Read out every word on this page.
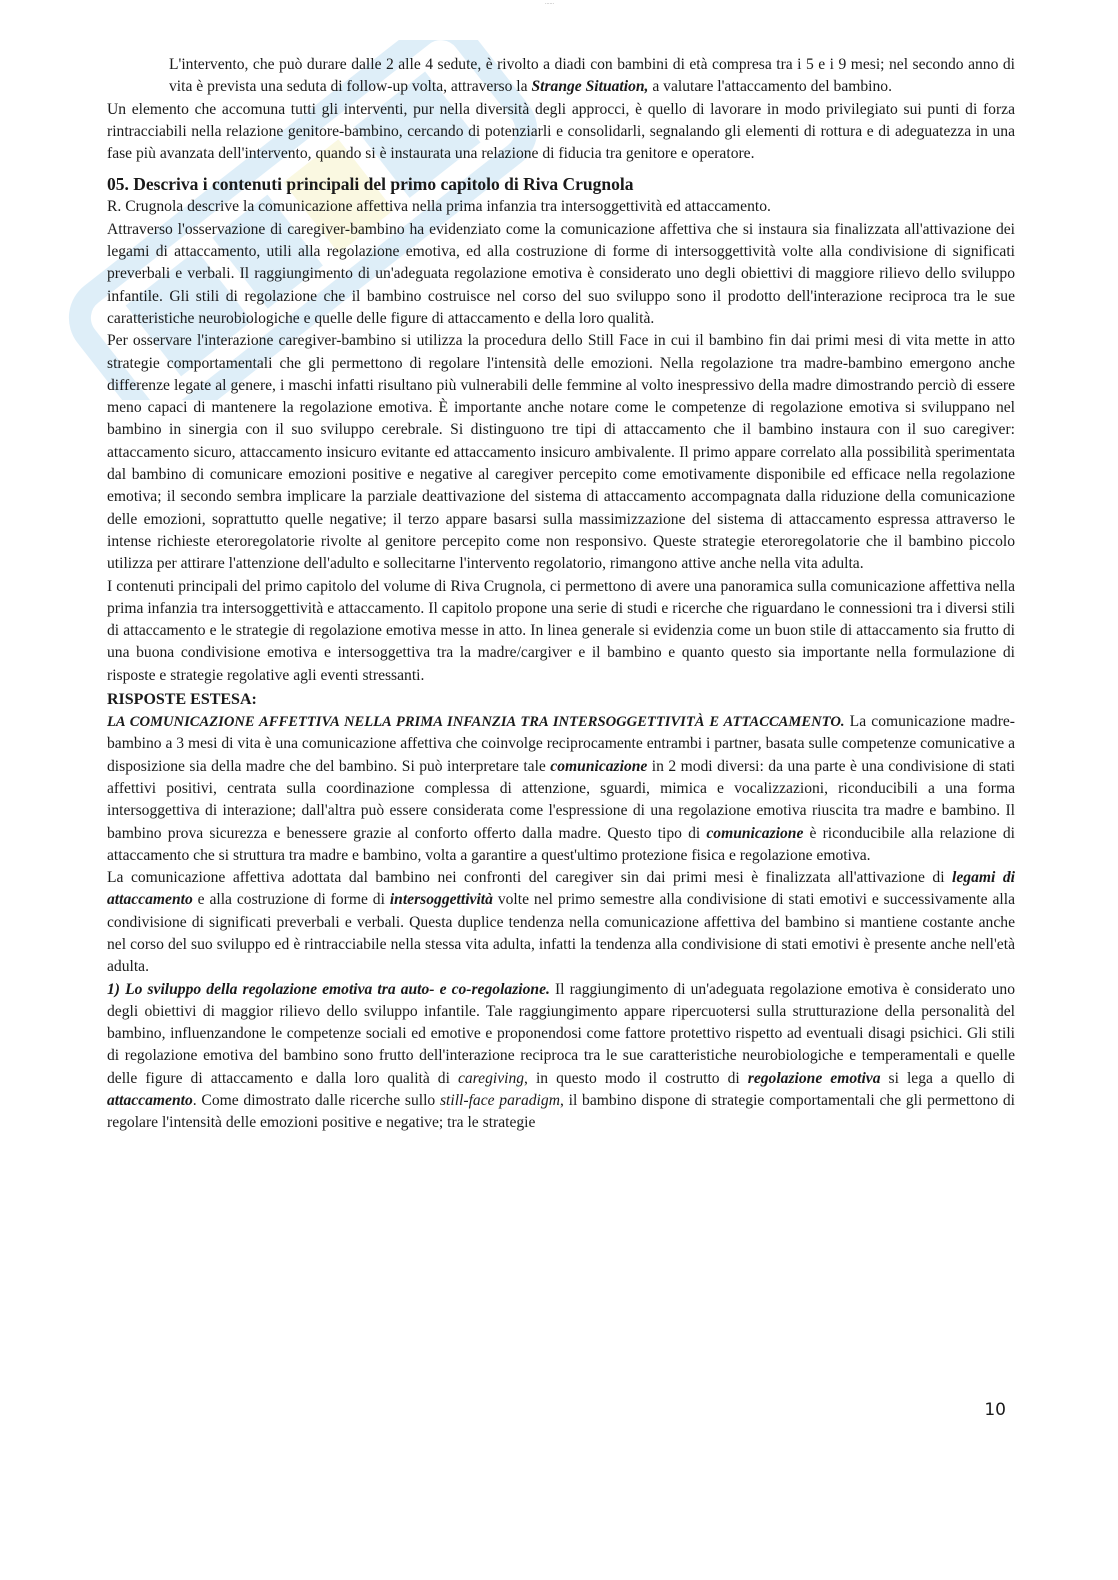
......

L'intervento, che può durare dalle 2 alle 4 sedute, è rivolto a diadi con bambini di età compresa tra i 5 e i 9 mesi; nel secondo anno di vita è prevista una seduta di follow-up volta, attraverso la Strange Situation, a valutare l'attaccamento del bambino.

Un elemento che accomuna tutti gli interventi, pur nella diversità degli approcci, è quello di lavorare in modo privilegiato sui punti di forza rintracciabili nella relazione genitore-bambino, cercando di potenziarli e consolidarli, segnalando gli elementi di rottura e di adeguatezza in una fase più avanzata dell'intervento, quando si è instaurata una relazione di fiducia tra genitore e operatore.

05. Descriva i contenuti principali del primo capitolo di Riva Crugnola

R. Crugnola descrive la comunicazione affettiva nella prima infanzia tra intersoggettività ed attaccamento.

Attraverso l'osservazione di caregiver-bambino ha evidenziato come la comunicazione affettiva che si instaura sia finalizzata all'attivazione dei legami di attaccamento, utili alla regolazione emotiva, ed alla costruzione di forme di intersoggettività volte alla condivisione di significati preverbali e verbali. Il raggiungimento di un'adeguata regolazione emotiva è considerato uno degli obiettivi di maggiore rilievo dello sviluppo infantile. Gli stili di regolazione che il bambino costruisce nel corso del suo sviluppo sono il prodotto dell'interazione reciproca tra le sue caratteristiche neurobiologiche e quelle delle figure di attaccamento e della loro qualità.

Per osservare l'interazione caregiver-bambino si utilizza la procedura dello Still Face in cui il bambino fin dai primi mesi di vita mette in atto strategie comportamentali che gli permettono di regolare l'intensità delle emozioni. Nella regolazione tra madre-bambino emergono anche differenze legate al genere, i maschi infatti risultano più vulnerabili delle femmine al volto inespressivo della madre dimostrando perciò di essere meno capaci di mantenere la regolazione emotiva. È importante anche notare come le competenze di regolazione emotiva si sviluppano nel bambino in sinergia con il suo sviluppo cerebrale. Si distinguono tre tipi di attaccamento che il bambino instaura con il suo caregiver: attaccamento sicuro, attaccamento insicuro evitante ed attaccamento insicuro ambivalente. Il primo appare correlato alla possibilità sperimentata dal bambino di comunicare emozioni positive e negative al caregiver percepito come emotivamente disponibile ed efficace nella regolazione emotiva; il secondo sembra implicare la parziale deattivazione del sistema di attaccamento accompagnata dalla riduzione della comunicazione delle emozioni, soprattutto quelle negative; il terzo appare basarsi sulla massimizzazione del sistema di attaccamento espressa attraverso le intense richieste eteroregolatorie rivolte al genitore percepito come non responsivo. Queste strategie eteroregolatorie che il bambino piccolo utilizza per attirare l'attenzione dell'adulto e sollecitarne l'intervento regolatorio, rimangono attive anche nella vita adulta.

I contenuti principali del primo capitolo del volume di Riva Crugnola, ci permettono di avere una panoramica sulla comunicazione affettiva nella prima infanzia tra intersoggettività e attaccamento. Il capitolo propone una serie di studi e ricerche che riguardano le connessioni tra i diversi stili di attaccamento e le strategie di regolazione emotiva messe in atto. In linea generale si evidenzia come un buon stile di attaccamento sia frutto di una buona condivisione emotiva e intersoggettiva tra la madre/cargiver e il bambino e quanto questo sia importante nella formulazione di risposte e strategie regolative agli eventi stressanti.

RISPOSTE ESTESA:

LA COMUNICAZIONE AFFETTIVA NELLA PRIMA INFANZIA TRA INTERSOGGETTIVITÀ E ATTACCAMENTO. La comunicazione madre-bambino a 3 mesi di vita è una comunicazione affettiva che coinvolge reciprocamente entrambi i partner, basata sulle competenze comunicative a disposizione sia della madre che del bambino. Si può interpretare tale comunicazione in 2 modi diversi: da una parte è una condivisione di stati affettivi positivi, centrata sulla coordinazione complessa di attenzione, sguardi, mimica e vocalizzazioni, riconducibili a una forma intersoggettiva di interazione; dall'altra può essere considerata come l'espressione di una regolazione emotiva riuscita tra madre e bambino. Il bambino prova sicurezza e benessere grazie al conforto offerto dalla madre. Questo tipo di comunicazione è riconducibile alla relazione di attaccamento che si struttura tra madre e bambino, volta a garantire a quest'ultimo protezione fisica e regolazione emotiva.

La comunicazione affettiva adottata dal bambino nei confronti del caregiver sin dai primi mesi è finalizzata all'attivazione di legami di attaccamento e alla costruzione di forme di intersoggettività volte nel primo semestre alla condivisione di stati emotivi e successivamente alla condivisione di significati preverbali e verbali. Questa duplice tendenza nella comunicazione affettiva del bambino si mantiene costante anche nel corso del suo sviluppo ed è rintracciabile nella stessa vita adulta, infatti la tendenza alla condivisione di stati emotivi è presente anche nell'età adulta.

1) Lo sviluppo della regolazione emotiva tra auto- e co-regolazione. Il raggiungimento di un'adeguata regolazione emotiva è considerato uno degli obiettivi di maggior rilievo dello sviluppo infantile. Tale raggiungimento appare ripercuotersi sulla strutturazione della personalità del bambino, influenzandone le competenze sociali ed emotive e proponendosi come fattore protettivo rispetto ad eventuali disagi psichici. Gli stili di regolazione emotiva del bambino sono frutto dell'interazione reciproca tra le sue caratteristiche neurobiologiche e temperamentali e quelle delle figure di attaccamento e dalla loro qualità di caregiving, in questo modo il costrutto di regolazione emotiva si lega a quello di attaccamento. Come dimostrato dalle ricerche sullo still-face paradigm, il bambino dispone di strategie comportamentali che gli permettono di regolare l'intensità delle emozioni positive e negative; tra le strategie

10
